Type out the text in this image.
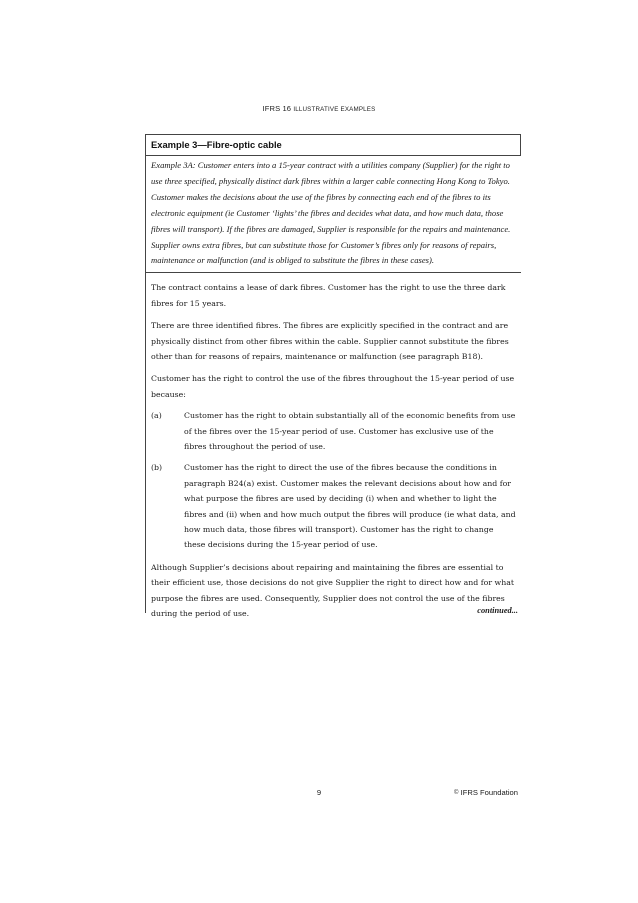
IFRS 16 ILLUSTRATIVE EXAMPLES
Example 3—Fibre-optic cable
Example 3A: Customer enters into a 15-year contract with a utilities company (Supplier) for the right to use three specified, physically distinct dark fibres within a larger cable connecting Hong Kong to Tokyo. Customer makes the decisions about the use of the fibres by connecting each end of the fibres to its electronic equipment (ie Customer ‘lights’ the fibres and decides what data, and how much data, those fibres will transport). If the fibres are damaged, Supplier is responsible for the repairs and maintenance. Supplier owns extra fibres, but can substitute those for Customer’s fibres only for reasons of repairs, maintenance or malfunction (and is obliged to substitute the fibres in these cases).
The contract contains a lease of dark fibres. Customer has the right to use the three dark fibres for 15 years.
There are three identified fibres. The fibres are explicitly specified in the contract and are physically distinct from other fibres within the cable. Supplier cannot substitute the fibres other than for reasons of repairs, maintenance or malfunction (see paragraph B18).
Customer has the right to control the use of the fibres throughout the 15-year period of use because:
(a)	Customer has the right to obtain substantially all of the economic benefits from use of the fibres over the 15-year period of use. Customer has exclusive use of the fibres throughout the period of use.
(b)	Customer has the right to direct the use of the fibres because the conditions in paragraph B24(a) exist. Customer makes the relevant decisions about how and for what purpose the fibres are used by deciding (i) when and whether to light the fibres and (ii) when and how much output the fibres will produce (ie what data, and how much data, those fibres will transport). Customer has the right to change these decisions during the 15-year period of use.
Although Supplier’s decisions about repairing and maintaining the fibres are essential to their efficient use, those decisions do not give Supplier the right to direct how and for what purpose the fibres are used. Consequently, Supplier does not control the use of the fibres during the period of use.	continued...
9	© IFRS Foundation
